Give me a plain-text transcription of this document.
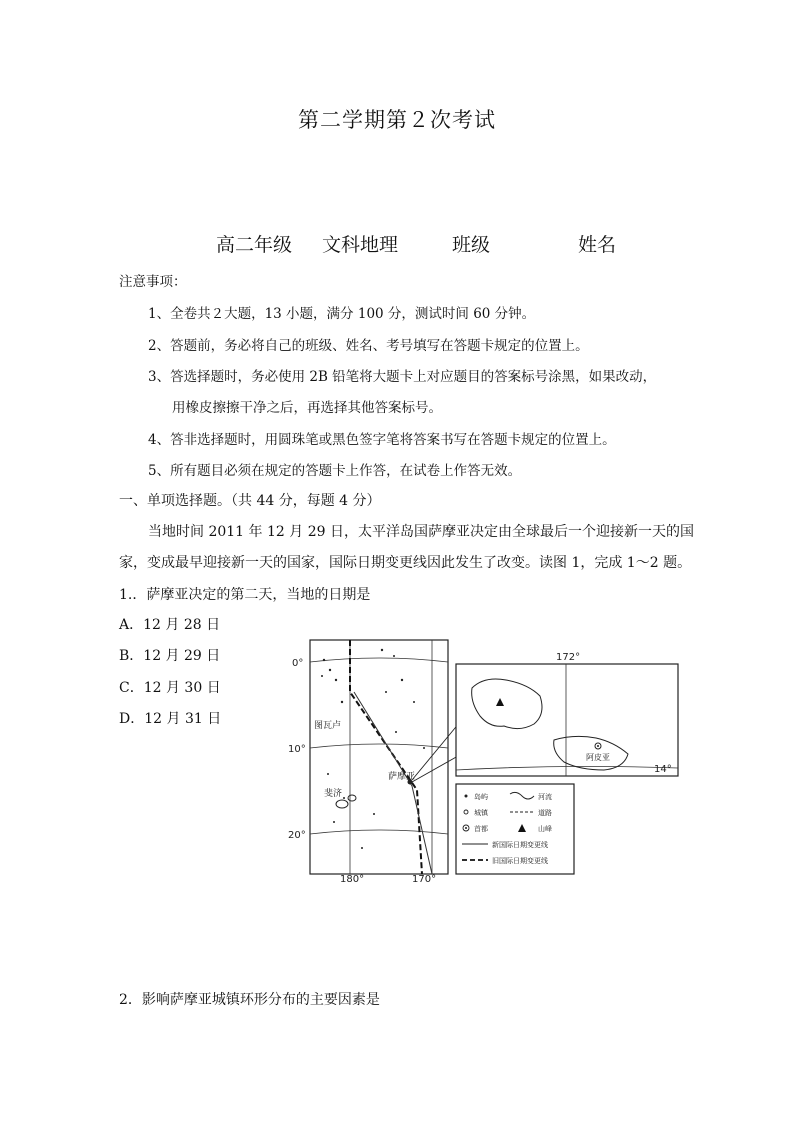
第二学期第２次考试
高二年级 文科地理	班级	姓名
注意事项：
1、全卷共２大题，13 小题，满分 100 分，测试时间 60 分钟。
2、答题前，务必将自己的班级、姓名、考号填写在答题卡规定的位置上。
3、答选择题时，务必使用 2B 铅笔将大题卡上对应题目的答案标号涂黑，如果改动，
用橡皮擦擦干净之后，再选择其他答案标号。
4、答非选择题时，用圆珠笔或黑色签字笔将答案书写在答题卡规定的位置上。
5、所有题目必须在规定的答题卡上作答，在试卷上作答无效。
一、单项选择题。（共 44 分，每题 4 分）
当地时间 2011 年 12 月 29 日，太平洋岛国萨摩亚决定由全球最后一个迎接新一天的国
家，变成最早迎接新一天的国家，国际日期变更线因此发生了改变。读图 1，完成 1～2 题。
1.．萨摩亚决定的第二天，当地的日期是
A．12 月 28 日
B．12 月 29 日
C．12 月 30 日
D．12 月 31 日
2．影响萨摩亚城镇环形分布的主要因素是
0°
10°
20°
180°	170°
图瓦卢
萨摩亚
斐济
172°
14°
阿皮亚
岛屿	河流
城镇	道路
首都	山峰
新国际日期变更线
旧国际日期变更线
